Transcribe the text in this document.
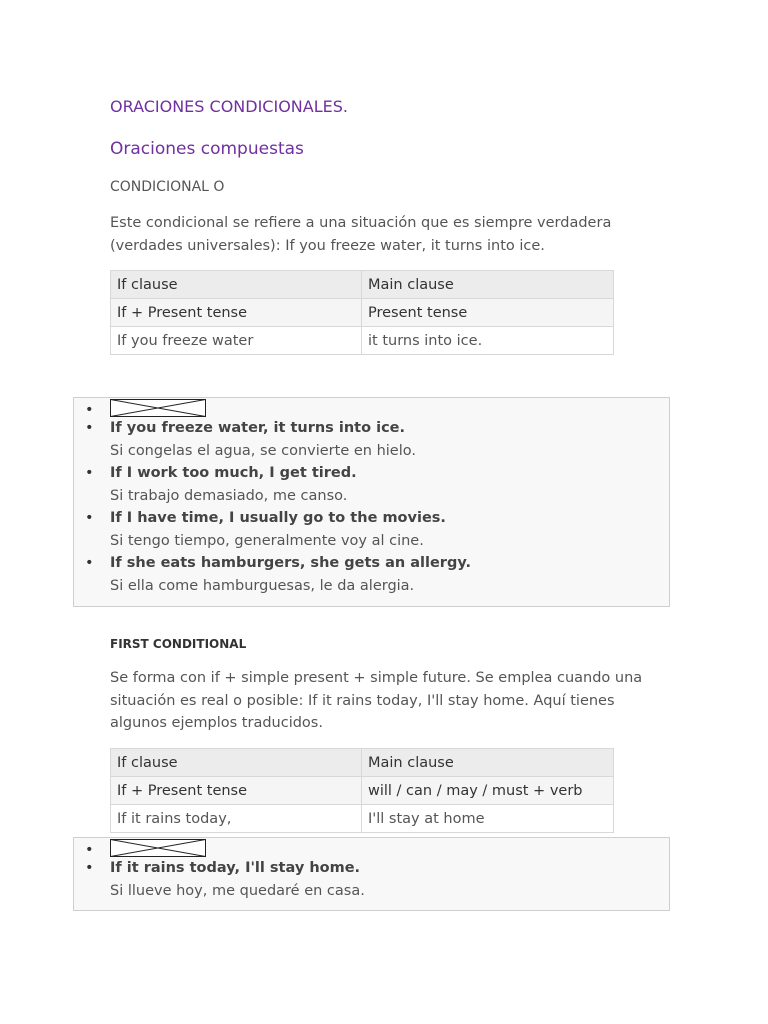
ORACIONES CONDICIONALES.
Oraciones compuestas
CONDICIONAL O
Este condicional se refiere a una situación que es siempre verdadera (verdades universales): If you freeze water, it turns into ice.
If clause	Main clause
If + Present tense	Present tense
If you freeze water	it turns into ice.
•
• If you freeze water, it turns into ice.
Si congelas el agua, se convierte en hielo.
• If I work too much, I get tired.
Si trabajo demasiado, me canso.
• If I have time, I usually go to the movies.
Si tengo tiempo, generalmente voy al cine.
• If she eats hamburgers, she gets an allergy.
Si ella come hamburguesas, le da alergia.
FIRST CONDITIONAL
Se forma con if + simple present + simple future. Se emplea cuando una situación es real o posible: If it rains today, I'll stay home. Aquí tienes algunos ejemplos traducidos.
If clause	Main clause
If + Present tense	will / can / may / must + verb
If it rains today,	I'll stay at home
•
• If it rains today, I'll stay home.
Si llueve hoy, me quedaré en casa.
